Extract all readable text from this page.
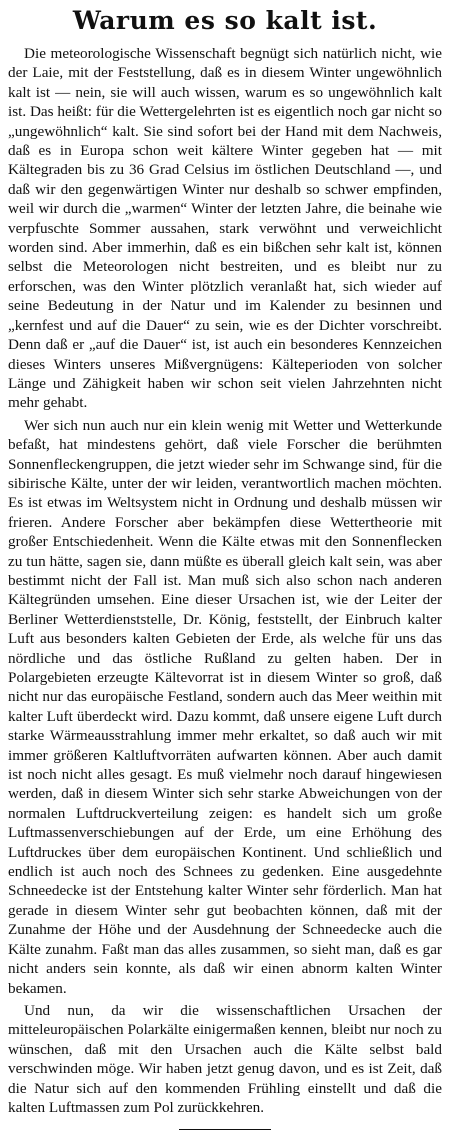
Warum es so kalt ist.

Die meteorologische Wissenschaft begnügt sich natürlich nicht, wie der Laie, mit der Feststellung, daß es in diesem Winter ungewöhnlich kalt ist — nein, sie will auch wissen, warum es so ungewöhnlich kalt ist. Das heißt: für die Wettergelehrten ist es eigentlich noch gar nicht so „ungewöhnlich“ kalt. Sie sind sofort bei der Hand mit dem Nachweis, daß es in Europa schon weit kältere Winter gegeben hat — mit Kältegraden bis zu 36 Grad Celsius im östlichen Deutschland —, und daß wir den gegenwärtigen Winter nur deshalb so schwer empfinden, weil wir durch die „warmen“ Winter der letzten Jahre, die beinahe wie verpfuschte Sommer aussahen, stark verwöhnt und verweichlicht worden sind. Aber immerhin, daß es ein bißchen sehr kalt ist, können selbst die Meteorologen nicht bestreiten, und es bleibt nur zu erforschen, was den Winter plötzlich veranlaßt hat, sich wieder auf seine Bedeutung in der Natur und im Kalender zu besinnen und „kernfest und auf die Dauer“ zu sein, wie es der Dichter vorschreibt. Denn daß er „auf die Dauer“ ist, ist auch ein besonderes Kennzeichen dieses Winters unseres Mißvergnügens: Kälteperioden von solcher Länge und Zähigkeit haben wir schon seit vielen Jahrzehnten nicht mehr gehabt.

Wer sich nun auch nur ein klein wenig mit Wetter und Wetterkunde befaßt, hat mindestens gehört, daß viele Forscher die berühmten Sonnenfleckengruppen, die jetzt wieder sehr im Schwange sind, für die sibirische Kälte, unter der wir leiden, verantwortlich machen möchten. Es ist etwas im Weltsystem nicht in Ordnung und deshalb müssen wir frieren. Andere Forscher aber bekämpfen diese Wettertheorie mit großer Entschiedenheit. Wenn die Kälte etwas mit den Sonnenflecken zu tun hätte, sagen sie, dann müßte es überall gleich kalt sein, was aber bestimmt nicht der Fall ist. Man muß sich also schon nach anderen Kältegründen umsehen. Eine dieser Ursachen ist, wie der Leiter der Berliner Wetterdienststelle, Dr. König, feststellt, der Einbruch kalter Luft aus besonders kalten Gebieten der Erde, als welche für uns das nördliche und das östliche Rußland zu gelten haben. Der in Polargebieten erzeugte Kältevorrat ist in diesem Winter so groß, daß nicht nur das europäische Festland, sondern auch das Meer weithin mit kalter Luft überdeckt wird. Dazu kommt, daß unsere eigene Luft durch starke Wärmeausstrahlung immer mehr erkaltet, so daß auch wir mit immer größeren Kaltluftvorräten aufwarten können. Aber auch damit ist noch nicht alles gesagt. Es muß vielmehr noch darauf hingewiesen werden, daß in diesem Winter sich sehr starke Abweichungen von der normalen Luftdruckverteilung zeigen: es handelt sich um große Luftmassenverschiebungen auf der Erde, um eine Erhöhung des Luftdruckes über dem europäischen Kontinent. Und schließlich und endlich ist auch noch des Schnees zu gedenken. Eine ausgedehnte Schneedecke ist der Entstehung kalter Winter sehr förderlich. Man hat gerade in diesem Winter sehr gut beobachten können, daß mit der Zunahme der Höhe und der Ausdehnung der Schneedecke auch die Kälte zunahm. Faßt man das alles zusammen, so sieht man, daß es gar nicht anders sein konnte, als daß wir einen abnorm kalten Winter bekamen.

Und nun, da wir die wissenschaftlichen Ursachen der mitteleuropäischen Polarkälte einigermaßen kennen, bleibt nur noch zu wünschen, daß mit den Ursachen auch die Kälte selbst bald verschwinden möge. Wir haben jetzt genug davon, und es ist Zeit, daß die Natur sich auf den kommenden Frühling einstellt und daß die kalten Luftmassen zum Pol zurückkehren.
